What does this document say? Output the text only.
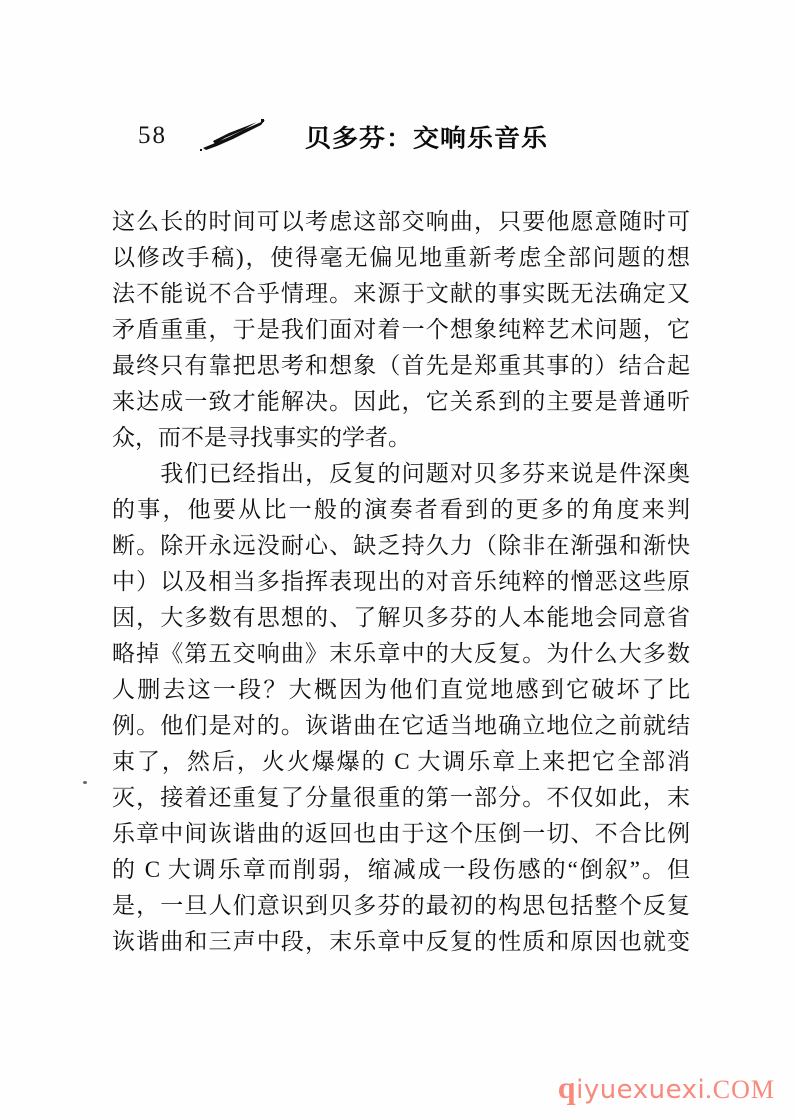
58	贝多芬：交响乐音乐
这么长的时间可以考虑这部交响曲，只要他愿意随时可
以修改手稿)，使得毫无偏见地重新考虑全部问题的想
法不能说不合乎情理。来源于文献的事实既无法确定又
矛盾重重，于是我们面对着一个想象纯粹艺术问题，它
最终只有靠把思考和想象（首先是郑重其事的）结合起
来达成一致才能解决。因此，它关系到的主要是普通听
众，而不是寻找事实的学者。
我们已经指出，反复的问题对贝多芬来说是件深奥
的事，他要从比一般的演奏者看到的更多的角度来判
断。除开永远没耐心、缺乏持久力（除非在渐强和渐快
中）以及相当多指挥表现出的对音乐纯粹的憎恶这些原
因，大多数有思想的、了解贝多芬的人本能地会同意省
略掉《第五交响曲》末乐章中的大反复。为什么大多数
人删去这一段？大概因为他们直觉地感到它破坏了比
例。他们是对的。诙谐曲在它适当地确立地位之前就结
束了，然后，火火爆爆的 C 大调乐章上来把它全部消
灭，接着还重复了分量很重的第一部分。不仅如此，末
乐章中间诙谐曲的返回也由于这个压倒一切、不合比例
的 C 大调乐章而削弱，缩减成一段伤感的“倒叙”。但
是，一旦人们意识到贝多芬的最初的构思包括整个反复
诙谐曲和三声中段，末乐章中反复的性质和原因也就变
qiyuexuexi.COM
